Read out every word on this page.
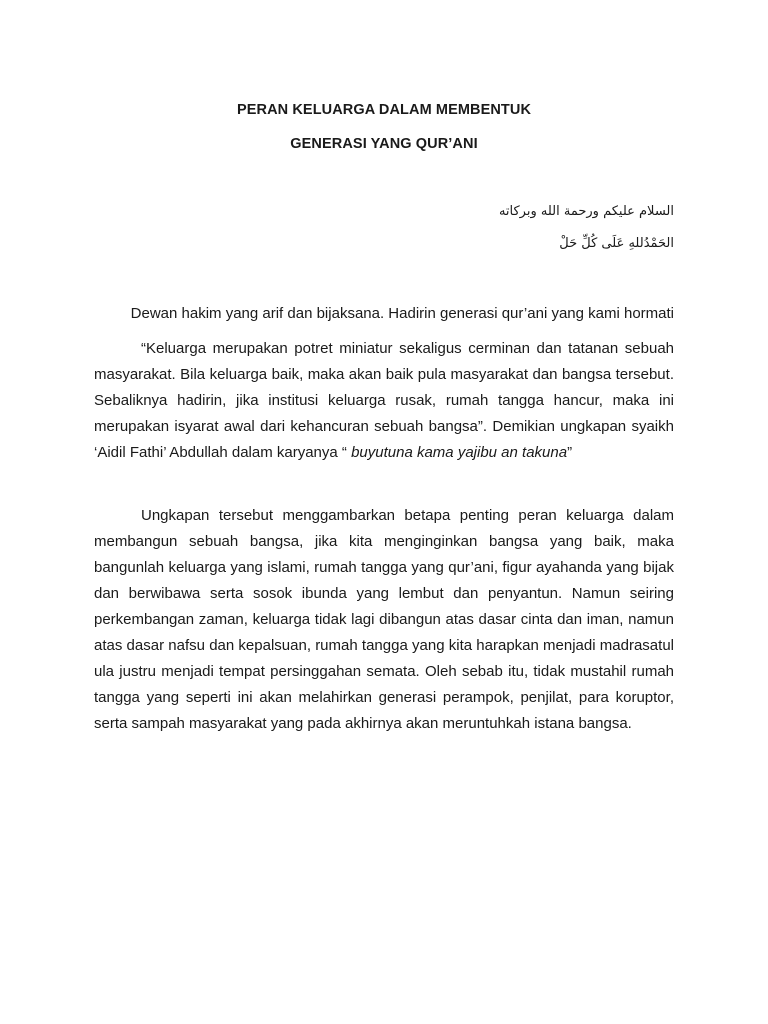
PERAN KELUARGA DALAM MEMBENTUK

GENERASI YANG QUR’ANI

السلام عليكم ورحمة الله وبركاته

الحَمْدُللهِ عَلَى كُلِّ حَلْ

Dewan hakim yang arif dan bijaksana. Hadirin generasi qur’ani yang kami hormati

“Keluarga merupakan potret miniatur sekaligus cerminan dan tatanan sebuah masyarakat. Bila keluarga baik, maka akan baik pula masyarakat dan bangsa tersebut. Sebaliknya hadirin, jika institusi keluarga rusak, rumah tangga hancur, maka ini merupakan isyarat awal dari kehancuran sebuah bangsa”. Demikian ungkapan syaikh ‘Aidil Fathi’ Abdullah dalam karyanya “ buyutuna kama yajibu an takuna”

Ungkapan tersebut menggambarkan betapa penting peran keluarga dalam membangun sebuah bangsa, jika kita menginginkan bangsa yang baik, maka bangunlah keluarga yang islami, rumah tangga yang qur’ani, figur ayahanda yang bijak dan berwibawa serta sosok ibunda yang lembut dan penyantun. Namun seiring perkembangan zaman, keluarga tidak lagi dibangun atas dasar cinta dan iman, namun atas dasar nafsu dan kepalsuan, rumah tangga yang kita harapkan menjadi madrasatul ula justru menjadi tempat persinggahan semata. Oleh sebab itu, tidak mustahil rumah tangga yang seperti ini akan melahirkan generasi perampok, penjilat, para koruptor, serta sampah masyarakat yang pada akhirnya akan meruntuhkah istana bangsa.
